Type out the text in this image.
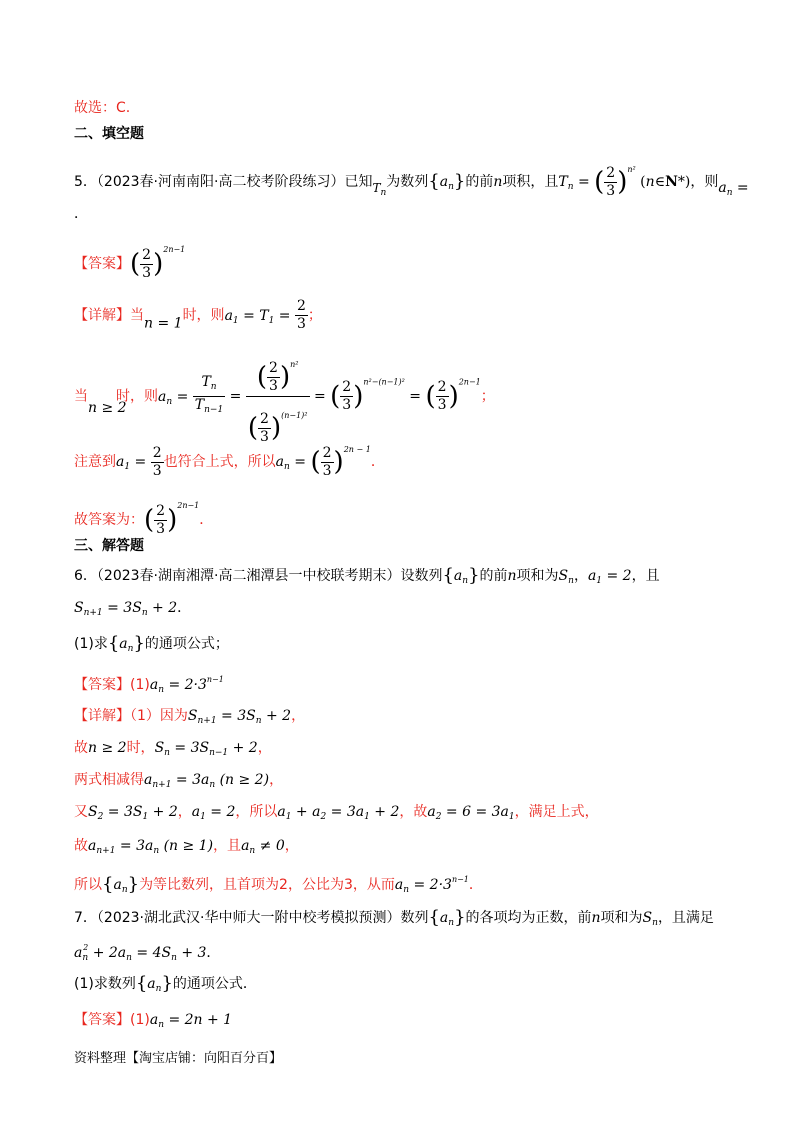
故选：C.
二、填空题
5．（2023春·河南南阳·高二校考阶段练习）已知$T_n$为数列$\{a_n\}$的前n项积，且$T_n$ = ( $\frac{2}{3} )^{n^2}$ (n∈N*)，则$a_n$ =
．
【答案】( $\frac{2}{3} )^{2n-1}$
【详解】当n = 1时，则$a_1 = T_1 = \frac{2}{3}$ ；
当 时，则$a_n = \frac{T_n}{T_{n-1}} = \frac{( \frac{2}{3} )^{n^2}}{( \frac{2}{3} )^{(n-1)^2}}$ = ( $\frac{2}{3} )^{n^2-(n-1)^2}$ = ( $\frac{2}{3} )^{2n-1}$；
n ≥ 2
注意到$a_1 = \frac{2}{3}$ 也符合上式，所以$a_n$ = ( $\frac{2}{3} )^{2n - 1}$．
故答案为：( $\frac{2}{3} )^{2n-1}$．
三、解答题
6．（2023春·湖南湘潭·高二湘潭县一中校联考期末）设数列$\{a_n\}$的前n项和为$S_n$，$a_1 = 2$，且
$S_{n+1} = 3S_n + 2$．
(1)求$\{a_n\}$的通项公式；
【答案】$(1)a_n = 2\cdot 3^{n-1}$
【详解】（1）因为$S_{n+1} = 3S_n + 2$，
故n ≥ 2时，$S_n = 3S_{n-1} + 2$，
两式相减得$a_{n+1} = 3a_n$ (n ≥ 2)，
又$S_2 = 3S_1 + 2$，$a_1 = 2$，所以$a_1 + a_2 = 3a_1 + 2$，故$a_2 = 6 = 3a_1$，满足上式，
故$a_{n+1} = 3a_n$ (n ≥ 1)，且$a_n \ne 0$，
所以$\{a_n\}$为等比数列，且首项为2，公比为3，从而$a_n = 2\cdot 3^{n-1}$．
7．（2023·湖北武汉·华中师大一附中校考模拟预测）数列$\{a_n\}$的各项均为正数，前n项和为$S_n$，且满足
$a_n^2 + 2a_n = 4S_n + 3$．
(1)求数列$\{a_n\}$的通项公式．
【答案】$(1)a_n = 2n + 1$
资料整理【淘宝店铺：向阳百分百】
